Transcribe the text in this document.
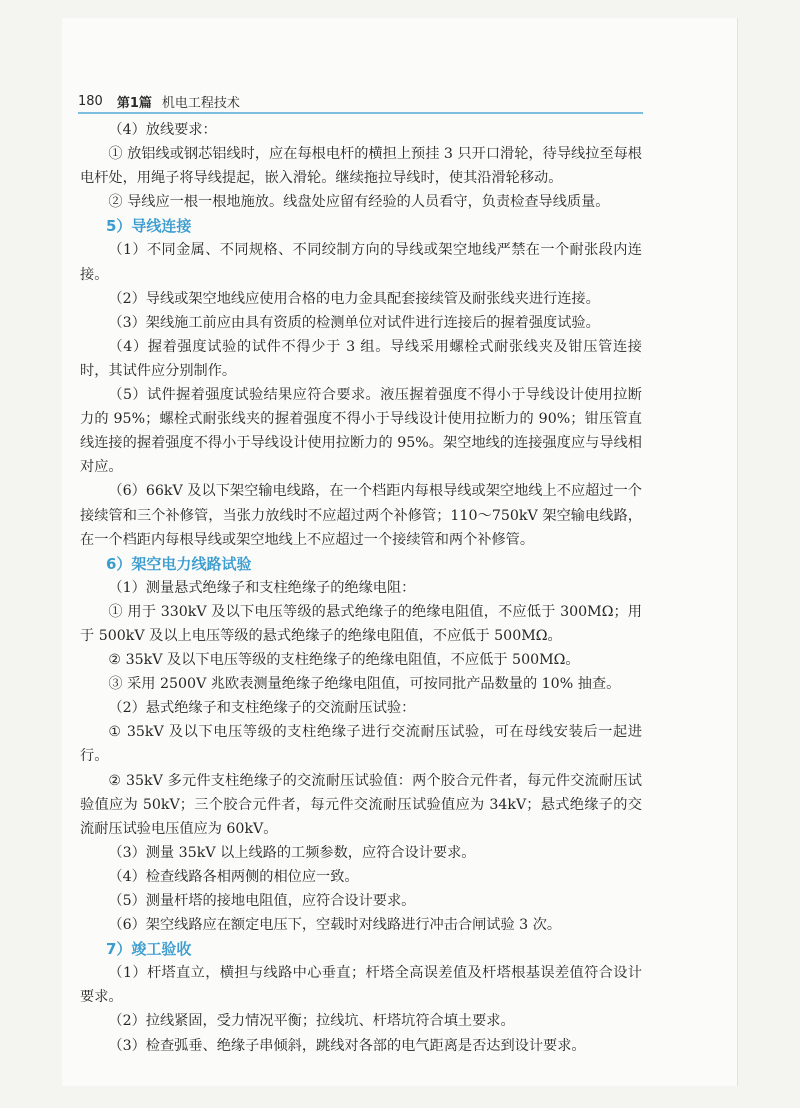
180 第1篇 机电工程技术

（4）放线要求：

① 放铝线或钢芯铝线时，应在每根电杆的横担上预挂 3 只开口滑轮，待导线拉至每根电杆处，用绳子将导线提起，嵌入滑轮。继续拖拉导线时，使其沿滑轮移动。

② 导线应一根一根地施放。线盘处应留有经验的人员看守，负责检查导线质量。

5）导线连接

（1）不同金属、不同规格、不同绞制方向的导线或架空地线严禁在一个耐张段内连接。

（2）导线或架空地线应使用合格的电力金具配套接续管及耐张线夹进行连接。

（3）架线施工前应由具有资质的检测单位对试件进行连接后的握着强度试验。

（4）握着强度试验的试件不得少于 3 组。导线采用螺栓式耐张线夹及钳压管连接时，其试件应分别制作。

（5）试件握着强度试验结果应符合要求。液压握着强度不得小于导线设计使用拉断力的 95%；螺栓式耐张线夹的握着强度不得小于导线设计使用拉断力的 90%；钳压管直线连接的握着强度不得小于导线设计使用拉断力的 95%。架空地线的连接强度应与导线相对应。

（6）66kV 及以下架空输电线路，在一个档距内每根导线或架空地线上不应超过一个接续管和三个补修管，当张力放线时不应超过两个补修管；110～750kV 架空输电线路，在一个档距内每根导线或架空地线上不应超过一个接续管和两个补修管。

6）架空电力线路试验

（1）测量悬式绝缘子和支柱绝缘子的绝缘电阻：

① 用于 330kV 及以下电压等级的悬式绝缘子的绝缘电阻值，不应低于 300MΩ；用于 500kV 及以上电压等级的悬式绝缘子的绝缘电阻值，不应低于 500MΩ。

② 35kV 及以下电压等级的支柱绝缘子的绝缘电阻值，不应低于 500MΩ。

③ 采用 2500V 兆欧表测量绝缘子绝缘电阻值，可按同批产品数量的 10% 抽查。

（2）悬式绝缘子和支柱绝缘子的交流耐压试验：

① 35kV 及以下电压等级的支柱绝缘子进行交流耐压试验，可在母线安装后一起进行。

② 35kV 多元件支柱绝缘子的交流耐压试验值：两个胶合元件者，每元件交流耐压试验值应为 50kV；三个胶合元件者，每元件交流耐压试验值应为 34kV；悬式绝缘子的交流耐压试验电压值应为 60kV。

（3）测量 35kV 以上线路的工频参数，应符合设计要求。

（4）检查线路各相两侧的相位应一致。

（5）测量杆塔的接地电阻值，应符合设计要求。

（6）架空线路应在额定电压下，空载时对线路进行冲击合闸试验 3 次。

7）竣工验收

（1）杆塔直立，横担与线路中心垂直；杆塔全高误差值及杆塔根基误差值符合设计要求。

（2）拉线紧固，受力情况平衡；拉线坑、杆塔坑符合填土要求。

（3）检查弧垂、绝缘子串倾斜，跳线对各部的电气距离是否达到设计要求。
